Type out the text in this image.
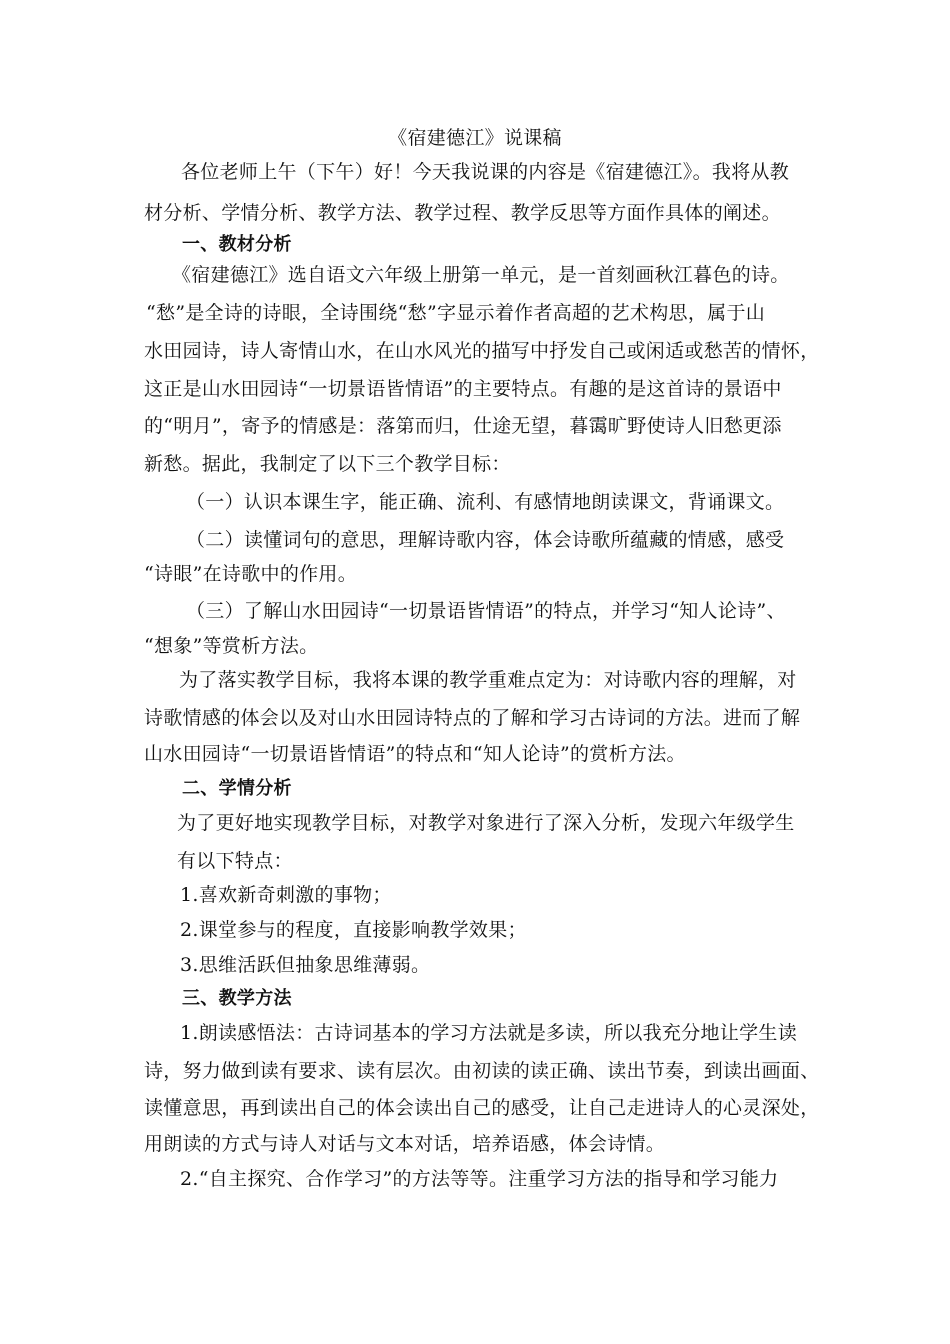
《宿建德江》说课稿
各位老师上午（下午）好！今天我说课的内容是《宿建德江》。我将从教
材分析、学情分析、教学方法、教学过程、教学反思等方面作具体的阐述。
一、教材分析
《宿建德江》选自语文六年级上册第一单元，是一首刻画秋江暮色的诗。
“愁”是全诗的诗眼，全诗围绕“愁”字显示着作者高超的艺术构思，属于山
水田园诗，诗人寄情山水，在山水风光的描写中抒发自己或闲适或愁苦的情怀，
这正是山水田园诗“一切景语皆情语”的主要特点。有趣的是这首诗的景语中
的“明月”，寄予的情感是：落第而归，仕途无望，暮霭旷野使诗人旧愁更添
新愁。据此，我制定了以下三个教学目标：
（一）认识本课生字，能正确、流利、有感情地朗读课文，背诵课文。
（二）读懂词句的意思，理解诗歌内容，体会诗歌所蕴藏的情感，感受
“诗眼”在诗歌中的作用。
（三）了解山水田园诗“一切景语皆情语”的特点，并学习“知人论诗”、
“想象”等赏析方法。
为了落实教学目标，我将本课的教学重难点定为：对诗歌内容的理解，对
诗歌情感的体会以及对山水田园诗特点的了解和学习古诗词的方法。进而了解
山水田园诗“一切景语皆情语”的特点和“知人论诗”的赏析方法。
二、学情分析
为了更好地实现教学目标，对教学对象进行了深入分析，发现六年级学生
有以下特点：
1.喜欢新奇刺激的事物；
2.课堂参与的程度，直接影响教学效果；
3.思维活跃但抽象思维薄弱。
三、教学方法
1.朗读感悟法：古诗词基本的学习方法就是多读，所以我充分地让学生读
诗，努力做到读有要求、读有层次。由初读的读正确、读出节奏，到读出画面、
读懂意思，再到读出自己的体会读出自己的感受，让自己走进诗人的心灵深处，
用朗读的方式与诗人对话与文本对话，培养语感，体会诗情。
2.“自主探究、合作学习”的方法等等。注重学习方法的指导和学习能力
